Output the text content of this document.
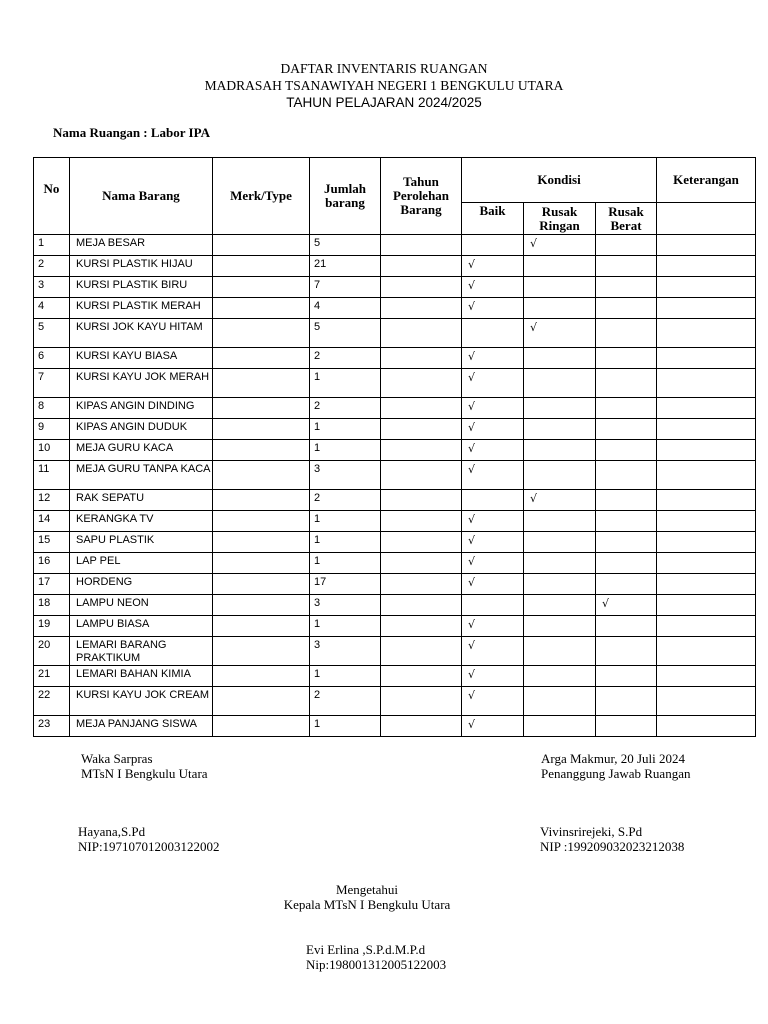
DAFTAR INVENTARIS RUANGAN
MADRASAH TSANAWIYAH NEGERI 1 BENGKULU UTARA
TAHUN PELAJARAN 2024/2025
Nama Ruangan : Labor IPA
No	Nama Barang	Merk/Type	Jumlah barang	Tahun Perolehan Barang	Kondisi			Keterangan
					Baik	Rusak Ringan	Rusak Berat	
1	MEJA BESAR		5			√		
2	KURSI PLASTIK HIJAU		21		√			
3	KURSI PLASTIK BIRU		7		√			
4	KURSI PLASTIK MERAH		4		√			
5	KURSI JOK KAYU HITAM		5			√		
6	KURSI KAYU BIASA		2		√			
7	KURSI KAYU JOK MERAH		1		√			
8	KIPAS ANGIN DINDING		2		√			
9	KIPAS ANGIN DUDUK		1		√			
10	MEJA GURU KACA		1		√			
11	MEJA GURU TANPA KACA		3		√			
12	RAK SEPATU		2			√		
14	KERANGKA TV		1		√			
15	SAPU PLASTIK		1		√			
16	LAP PEL		1		√			
17	HORDENG		17		√			
18	LAMPU NEON		3				√	
19	LAMPU BIASA		1		√			
20	LEMARI BARANG PRAKTIKUM		3		√			
21	LEMARI BAHAN KIMIA		1		√			
22	KURSI KAYU JOK CREAM		2		√			
23	MEJA PANJANG SISWA		1		√			
Waka Sarpras
MTsN I Bengkulu Utara
Hayana,S.Pd
NIP:197107012003122002
Arga Makmur, 20 Juli 2024
Penanggung Jawab Ruangan
Vivinsrirejeki, S.Pd
NIP :199209032023212038
Mengetahui
Kepala MTsN I Bengkulu Utara
Evi Erlina ,S.P.d.M.P.d
Nip:198001312005122003
